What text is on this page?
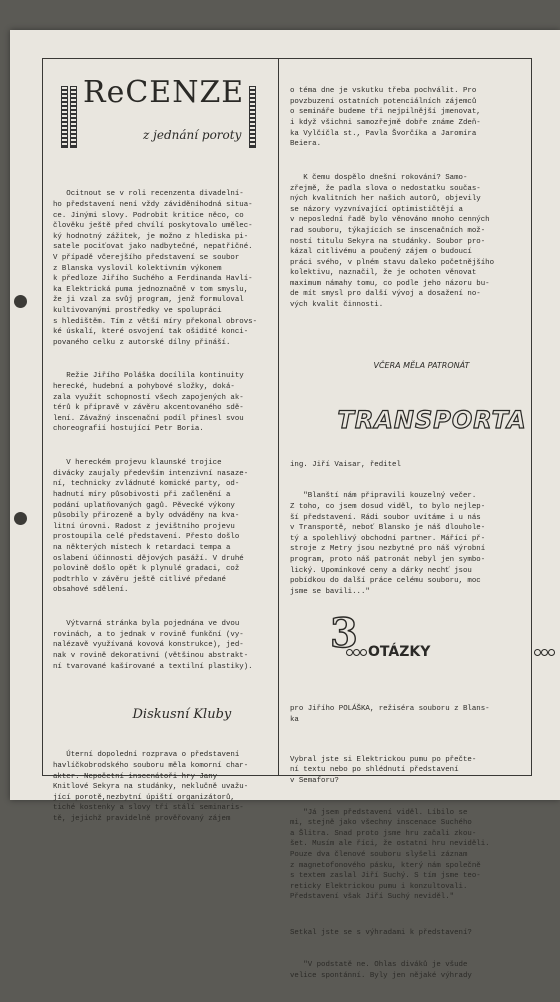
ReCENZE

z jednání poroty

Ocitnout se v roli recenzenta divadelní-
ho představení není vždy záviděníhodná situa-
ce. Jinými slovy. Podrobit kritice něco, co
člověku ještě před chvílí poskytovalo umělec-
ký hodnotný zážitek, je možno z hlediska pi-
satele pociťovat jako nadbytečné, nepatřičné.
V případě včerejšího představení se soubor
z Blanska vyslovil kolektivním výkonem
k předloze Jiřího Suchého a Ferdinanda Havlí-
ka Elektrická puma jednoznačně v tom smyslu,
že ji vzal za svůj program, jenž formuloval
kultivovanými prostředky ve spolupráci
s hledištěm. Tím z větší míry překonal obrovs-
ké úskalí, které osvojení tak ošidité konci-
povaného celku z autorské dílny přináší.

Režie Jiřího Poláška docílila kontinuity
herecké, hudební a pohybové složky, doká-
zala využít schopností všech zapojených ak-
térů k přípravě v závěru akcentovaného sdě-
lení. Závažný inscenační podíl přinesl svou
choreografií hostující Petr Boria.

V hereckém projevu klaunské trojice
divácky zaujaly především intenzivní nasaze-
ní, technicky zvládnuté komické party, od-
hadnutí míry působivosti při začlenění a
podání uplatňovaných gagů. Pěvecké výkony
působily přirozeně a byly odváděny na kva-
litní úrovni. Radost z jevištního projevu
prostoupila celé představení. Přesto došlo
na některých místech k retardaci tempa a
oslabení účinnosti dějových pasáží. V druhé
polovině došlo opět k plynulé gradaci, což
podtrhlo v závěru ještě citlivé předané
obsahové sdělení.

Výtvarná stránka byla pojednána ve dvou
rovinách, a to jednak v rovině funkční (vy-
nalézavě využívaná kovová konstrukce), jed-
nak v rovině dekorativní (většinou abstrakt-
ní tvarované kašírované a textilní plastiky).

Diskusní Kluby

Úterní dopolední rozprava o představení
havlíčkobrodského souboru měla komorní char-
akter. Nepočetní inscenátoři hry Jany
Knitlové Sekyra na studánky, neklučně uvažu-
jící porotě,nezbytní úpiští organizátorů,
tiché kostenky a slovy tří stálí seminaris-
tě, jejichž pravidelně prověřovaný zájem

o téma dne je vskutku třeba pochválit. Pro
povzbuzení ostatních potenciálních zájemců
o semináře budeme tři nejpilnější jmenovat,
i když všichni samozřejmě dobře známe Zdeň-
ka Vylčíčla st., Pavla Švorčíka a Jaromíra
Beiera.

K čemu dospělo dnešní rokování? Samo-
zřejmě, že padla slova o nedostatku součas-
ných kvalitních her našich autorů, objevily
se názory vyzvnívající optimističtějí a
v neposlední řadě bylo věnováno mnoho cenných
rad souboru, týkajících se inscenačních mož-
ností titulu Sekyra na studánky. Soubor pro-
kázal citlivému a poučený zájem o budoucí
práci svého, v plném stavu daleko početnějšího
kolektivu, naznačil, že je ochoten věnovat
maximum námahy tomu, co podle jeho názoru bu-
de mít smysl pro další vývoj a dosažení no-
vých kvalit činnosti.

VČERA MĚLA PATRONÁT

TRANSPORTA

ing. Jiří Vaisar, ředitel

"Blanští nám připravili kouzelný večer.
Z toho, co jsem dosud viděl, to bylo nejlep-
ší představení. Rádi soubor uvítáme i u nás
v Transportě, neboť Blansko je náš dlouhole-
tý a spolehlivý obchodní partner. Mářící př-
stroje z Metry jsou nezbytné pro náš výrobní
program, proto náš patronát nebyl jen symbo-
lický. Upomínkové ceny a dárky nechť jsou
pobídkou do další práce celému souboru, moc
jsme se bavili..."

3

OTÁZKY

pro Jiřího POLÁŠKA, režiséra souboru z Blans-
ka

Vybral jste si Elektrickou pumu po přečte-
ní textu nebo po shlédnutí představení
v Semaforu?

"Já jsem představení viděl. Líbilo se
mi, stejně jako všechny inscenace Suchého
a Šlitra. Snad proto jsme hru začali zkou-
šet. Musím ale říci, že ostatní hru neviděli.
Pouze dva členové souboru slyšeli záznam
z magnetofonového pásku, který nám společně
s textem zaslal Jiří Suchý. S tím jsme teo-
reticky Elektrickou pumu i konzultovali.
Představení však Jiří Suchý neviděl."

Setkal jste se s výhradami k představení?

"V podstatě ne. Ohlas diváků je všude
velice spontánní. Byly jen nějaké výhrady
